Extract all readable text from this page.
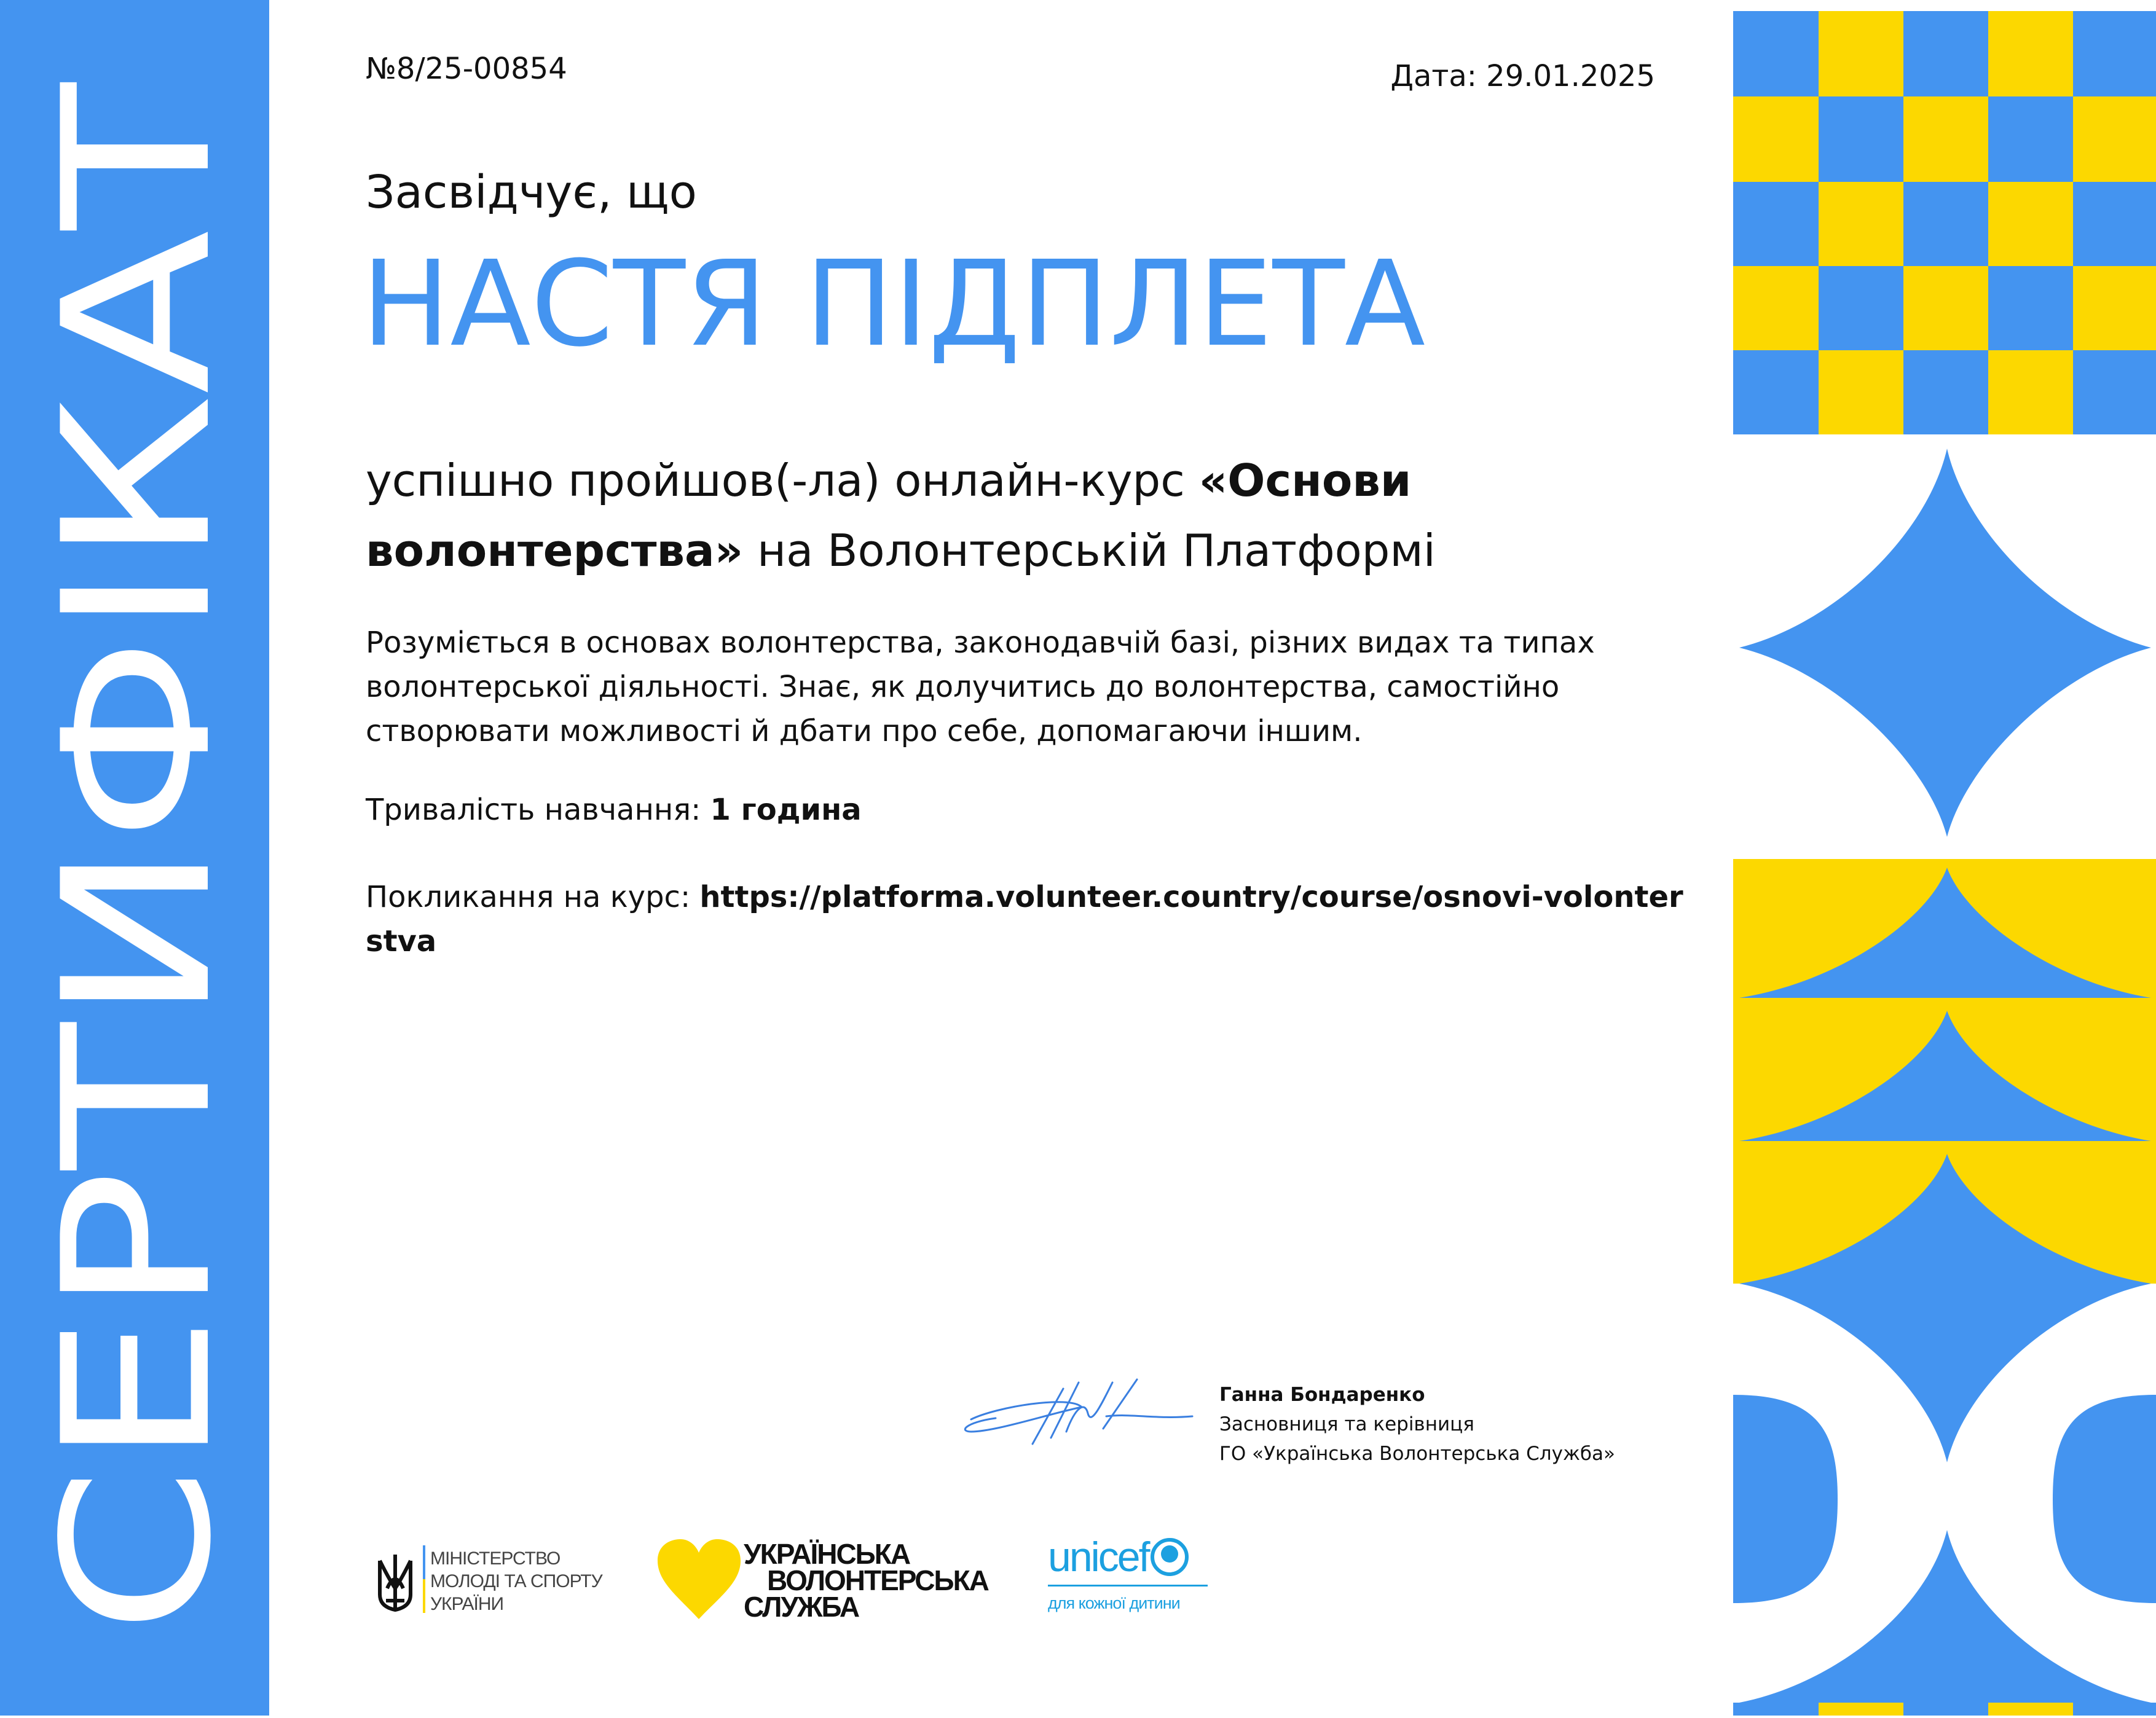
СЕРТИФІКАТ
№8/25-00854	Дата: 29.01.2025
Засвідчує, що
НАСТЯ ПІДПЛЕТА
успішно пройшов(-ла) онлайн-курс «Основи волонтерства» на Волонтерській Платформі
Розуміється в основах волонтерства, законодавчій базі, різних видах та типах
волонтерської діяльності. Знає, як долучитись до волонтерства, самостійно
створювати можливості й дбати про себе, допомагаючи іншим.
Тривалість навчання: 1 година
Покликання на курс: https://platforma.volunteer.country/course/osnovi-volonterstva
Ганна Бондаренко
Засновниця та керівниця
ГО «Українська Волонтерська Служба»
МІНІСТЕРСТВО
МОЛОДІ ТА СПОРТУ
УКРАЇНИ
УКРАЇНСЬКА
ВОЛОНТЕРСЬКА
СЛУЖБА
unicef
для кожної дитини
